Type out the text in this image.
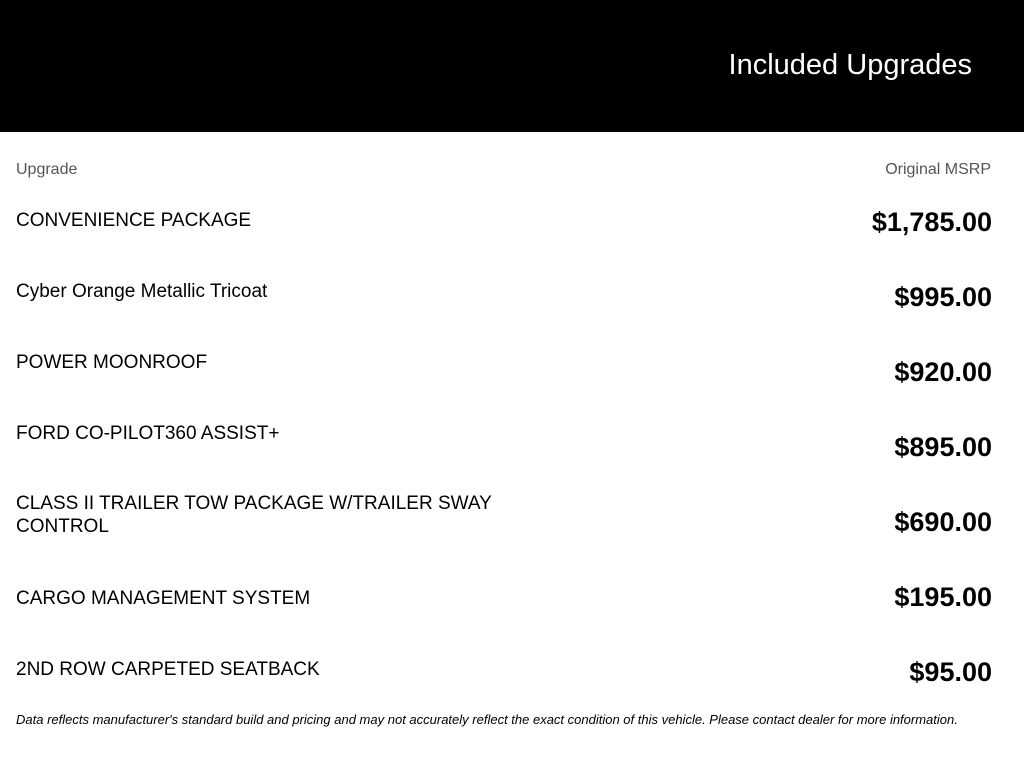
Included Upgrades
Upgrade	Original MSRP
CONVENIENCE PACKAGE	$1,785.00
Cyber Orange Metallic Tricoat	$995.00
POWER MOONROOF	$920.00
FORD CO-PILOT360 ASSIST+	$895.00
CLASS II TRAILER TOW PACKAGE W/TRAILER SWAY CONTROL	$690.00
CARGO MANAGEMENT SYSTEM	$195.00
2ND ROW CARPETED SEATBACK	$95.00
Data reflects manufacturer's standard build and pricing and may not accurately reflect the exact condition of this vehicle. Please contact dealer for more information.
